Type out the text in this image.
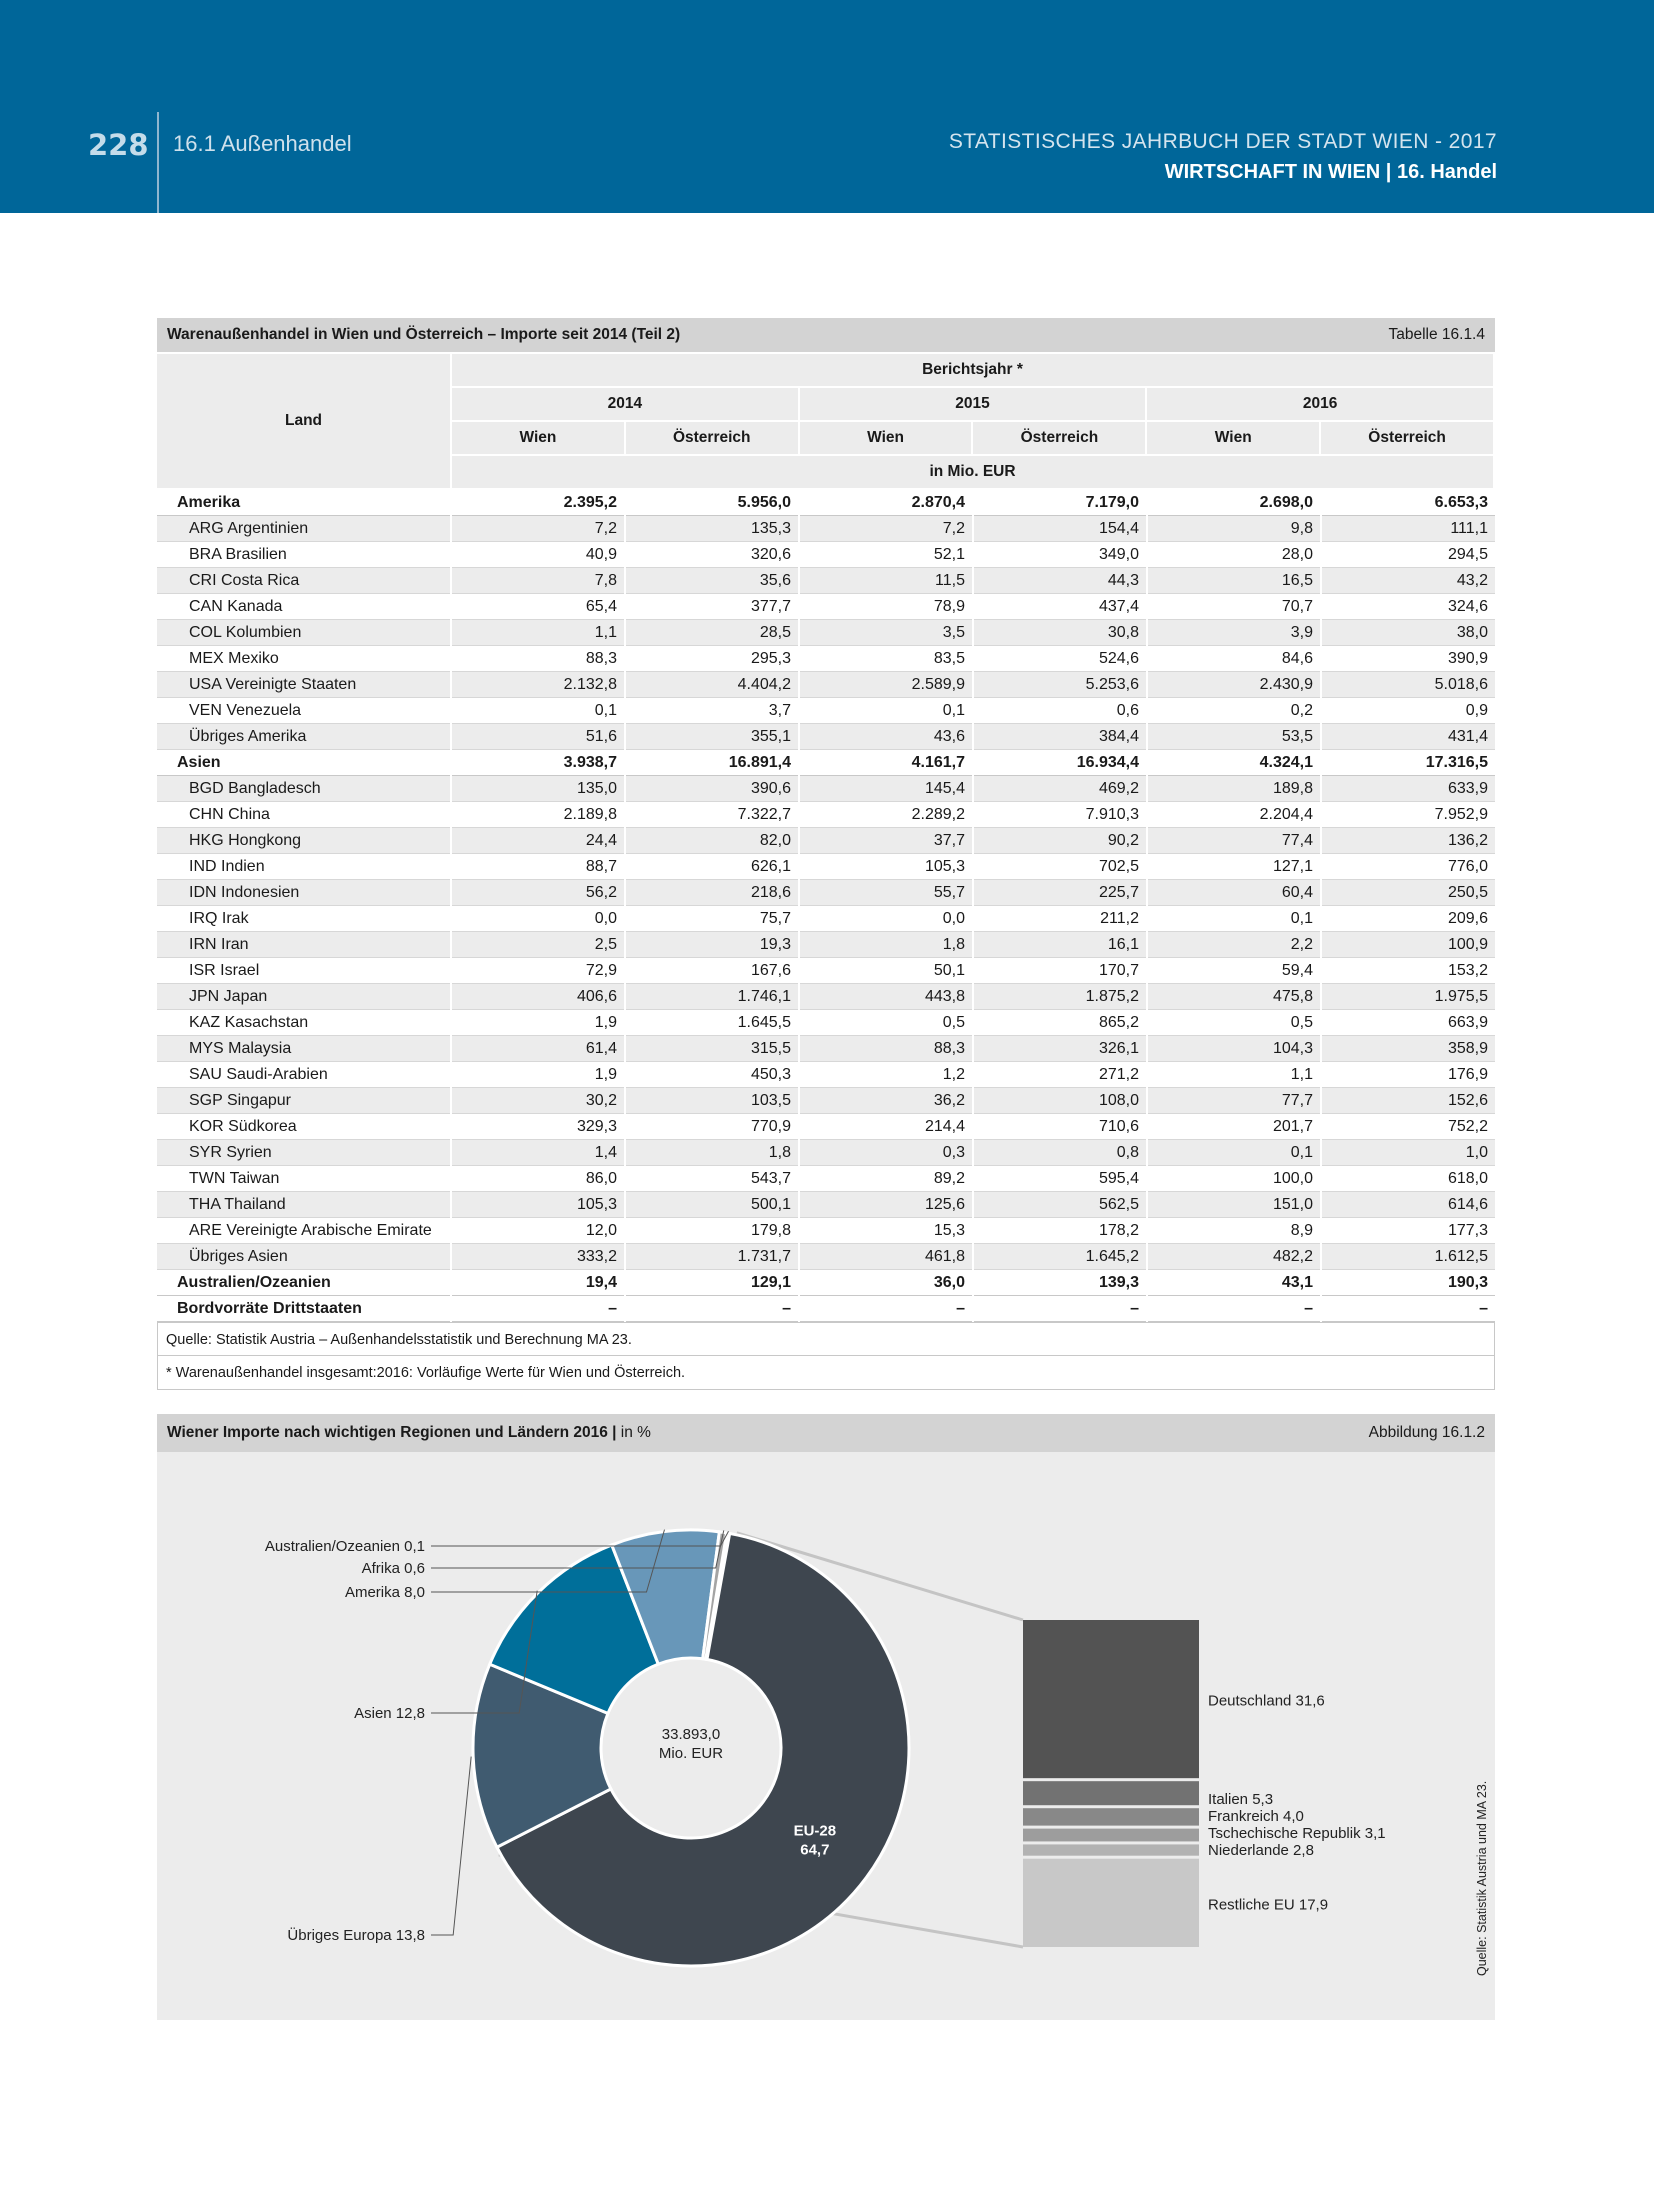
228 16.1 Außenhandel	STATISTISCHES JAHRBUCH DER STADT WIEN - 2017
WIRTSCHAFT IN WIEN | 16. Handel
Warenaußenhandel in Wien und Österreich – Importe seit 2014 (Teil 2)	Tabelle 16.1.4
Land	Berichtsjahr *					
	2014		2015		2016	
	Wien	Österreich	Wien	Österreich	Wien	Österreich
	in Mio. EUR					
Amerika	2.395,2	5.956,0	2.870,4	7.179,0	2.698,0	6.653,3
ARG Argentinien	7,2	135,3	7,2	154,4	9,8	111,1
BRA Brasilien	40,9	320,6	52,1	349,0	28,0	294,5
CRI Costa Rica	7,8	35,6	11,5	44,3	16,5	43,2
CAN Kanada	65,4	377,7	78,9	437,4	70,7	324,6
COL Kolumbien	1,1	28,5	3,5	30,8	3,9	38,0
MEX Mexiko	88,3	295,3	83,5	524,6	84,6	390,9
USA Vereinigte Staaten	2.132,8	4.404,2	2.589,9	5.253,6	2.430,9	5.018,6
VEN Venezuela	0,1	3,7	0,1	0,6	0,2	0,9
Übriges Amerika	51,6	355,1	43,6	384,4	53,5	431,4
Asien	3.938,7	16.891,4	4.161,7	16.934,4	4.324,1	17.316,5
BGD Bangladesch	135,0	390,6	145,4	469,2	189,8	633,9
CHN China	2.189,8	7.322,7	2.289,2	7.910,3	2.204,4	7.952,9
HKG Hongkong	24,4	82,0	37,7	90,2	77,4	136,2
IND Indien	88,7	626,1	105,3	702,5	127,1	776,0
IDN Indonesien	56,2	218,6	55,7	225,7	60,4	250,5
IRQ Irak	0,0	75,7	0,0	211,2	0,1	209,6
IRN Iran	2,5	19,3	1,8	16,1	2,2	100,9
ISR Israel	72,9	167,6	50,1	170,7	59,4	153,2
JPN Japan	406,6	1.746,1	443,8	1.875,2	475,8	1.975,5
KAZ Kasachstan	1,9	1.645,5	0,5	865,2	0,5	663,9
MYS Malaysia	61,4	315,5	88,3	326,1	104,3	358,9
SAU Saudi-Arabien	1,9	450,3	1,2	271,2	1,1	176,9
SGP Singapur	30,2	103,5	36,2	108,0	77,7	152,6
KOR Südkorea	329,3	770,9	214,4	710,6	201,7	752,2
SYR Syrien	1,4	1,8	0,3	0,8	0,1	1,0
TWN Taiwan	86,0	543,7	89,2	595,4	100,0	618,0
THA Thailand	105,3	500,1	125,6	562,5	151,0	614,6
ARE Vereinigte Arabische Emirate	12,0	179,8	15,3	178,2	8,9	177,3
Übriges Asien	333,2	1.731,7	461,8	1.645,2	482,2	1.612,5
Australien/Ozeanien	19,4	129,1	36,0	139,3	43,1	190,3
Bordvorräte Drittstaaten	–	–	–	–	–	–
Quelle: Statistik Austria – Außenhandelsstatistik und Berechnung MA 23.
* Warenaußenhandel insgesamt:2016: Vorläufige Werte für Wien und Österreich.
Wiener Importe nach wichtigen Regionen und Ländern 2016 | in %	Abbildung 16.1.2
EU-28
64,7
Australien/Ozeanien 0,1
Afrika 0,6
Amerika 8,0
Asien 12,8
Übriges Europa 13,8
Deutschland 31,6
Italien 5,3
Frankreich 4,0
Tschechische Republik 3,1
Niederlande 2,8
Restliche EU 17,9
33.893,0
Mio. EUR
Quelle: Statistik Austria und MA 23.
